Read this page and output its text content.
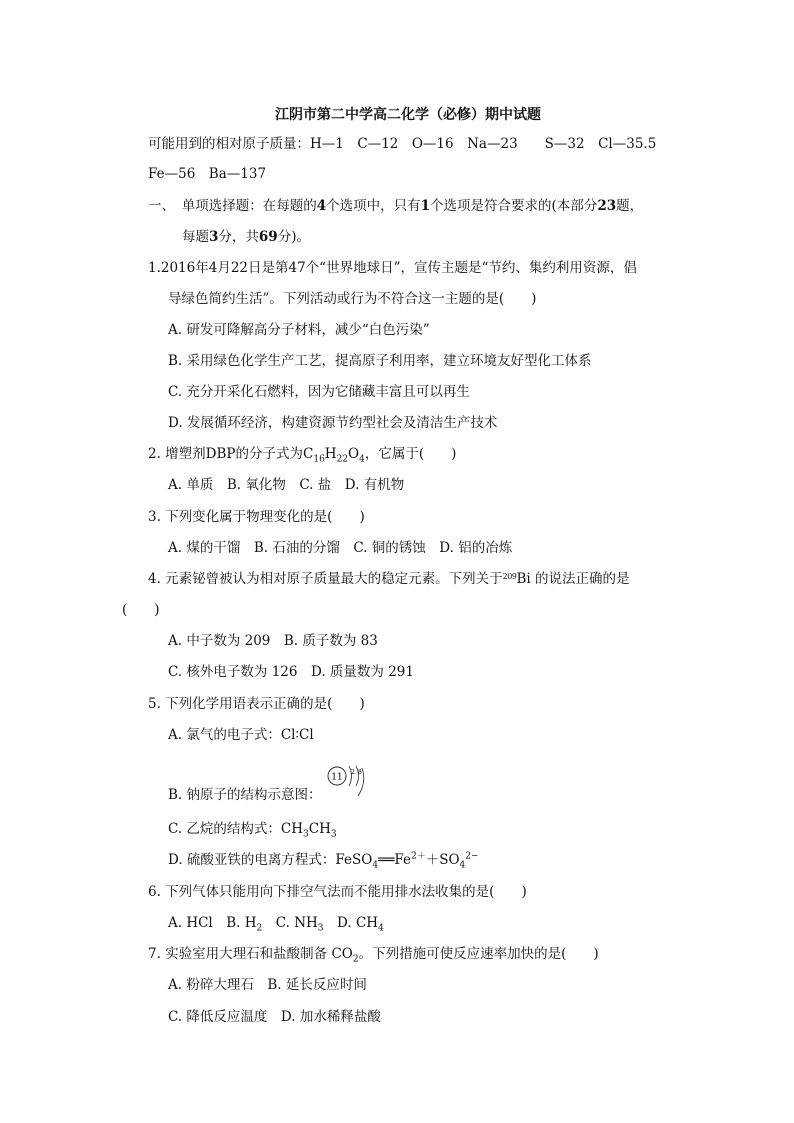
江阴市第二中学高二化学（必修）期中试题
可能用到的相对原子质量：H—1　C—12　O—16　Na—23　　S—32　Cl—35.5
Fe—56　Ba—137
一、　单项选择题：在每题的4个选项中，只有1个选项是符合要求的(本部分23题，
每题3分，共69分)。
1.2016年4月22日是第47个“世界地球日”，宣传主题是“节约、集约利用资源，倡
导绿色简约生活”。下列活动或行为不符合这一主题的是(　　)
A. 研发可降解高分子材料，减少“白色污染”
B. 采用绿色化学生产工艺，提高原子利用率，建立环境友好型化工体系
C. 充分开采化石燃料，因为它储藏丰富且可以再生
D. 发展循环经济，构建资源节约型社会及清洁生产技术
2. 增塑剂DBP的分子式为$C_{16}H_{22}O_4$，它属于(　　)
A. 单质　B. 氧化物　C. 盐　D. 有机物
3. 下列变化属于物理变化的是(　　)
A. 煤的干馏　B. 石油的分馏　C. 铜的锈蚀　D. 铝的冶炼
4. 元素铋曾被认为相对原子质量最大的稳定元素。下列关于$^{209}$Bi 的说法正确的是
(　　)
A. 中子数为 209　B. 质子数为 83
C. 核外电子数为 126　D. 质量数为 291
5. 下列化学用语表示正确的是(　　)
A. 氯气的电子式：Cl∶Cl
B. 钠原子的结构示意图：
11 2 8
C. 乙烷的结构式：$CH_3CH_3$
D. 硫酸亚铁的电离方程式：$FeSO_4══Fe^{2+}+SO_4^{2-}$
6. 下列气体只能用向下排空气法而不能用排水法收集的是(　　)
A. HCl　B. $H_2$　C. $NH_3$　D. $CH_4$
7. 实验室用大理石和盐酸制备 $CO_2$。下列措施可使反应速率加快的是(　　)
A. 粉碎大理石　B. 延长反应时间
C. 降低反应温度　D. 加水稀释盐酸
